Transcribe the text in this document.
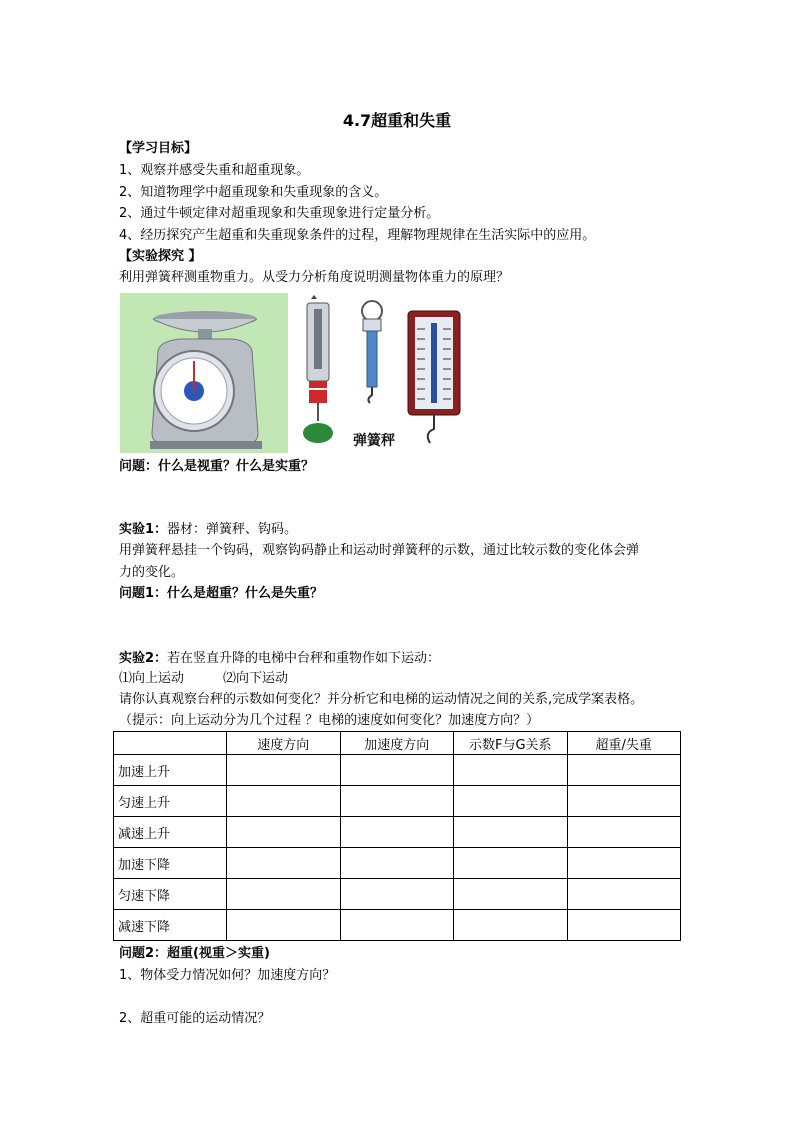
4.7超重和失重
【学习目标】
1、观察并感受失重和超重现象。
2、知道物理学中超重现象和失重现象的含义。
2、通过牛顿定律对超重现象和失重现象进行定量分析。
4、经历探究产生超重和失重现象条件的过程，理解物理规律在生活实际中的应用。
【实验探究 】
利用弹簧秤测重物重力。从受力分析角度说明测量物体重力的原理？
弹簧秤
问题：什么是视重？什么是实重？
实验1：器材：弹簧秤、钩码。
用弹簧秤悬挂一个钩码，观察钩码静止和运动时弹簧秤的示数，通过比较示数的变化体会弹
力的变化。
问题1：什么是超重？什么是失重？
实验2：若在竖直升降的电梯中台秤和重物作如下运动：
⑴向上运动　　　⑵向下运动
请你认真观察台秤的示数如何变化？并分析它和电梯的运动情况之间的关系,完成学案表格。
（提示：向上运动分为几个过程 ？电梯的速度如何变化？加速度方向？）
	速度方向	加速度方向	示数F与G关系	超重/失重
加速上升				
匀速上升				
减速上升				
加速下降				
匀速下降				
减速下降				
问题2：超重(视重＞实重)
1、物体受力情况如何？加速度方向？
2、超重可能的运动情况？
